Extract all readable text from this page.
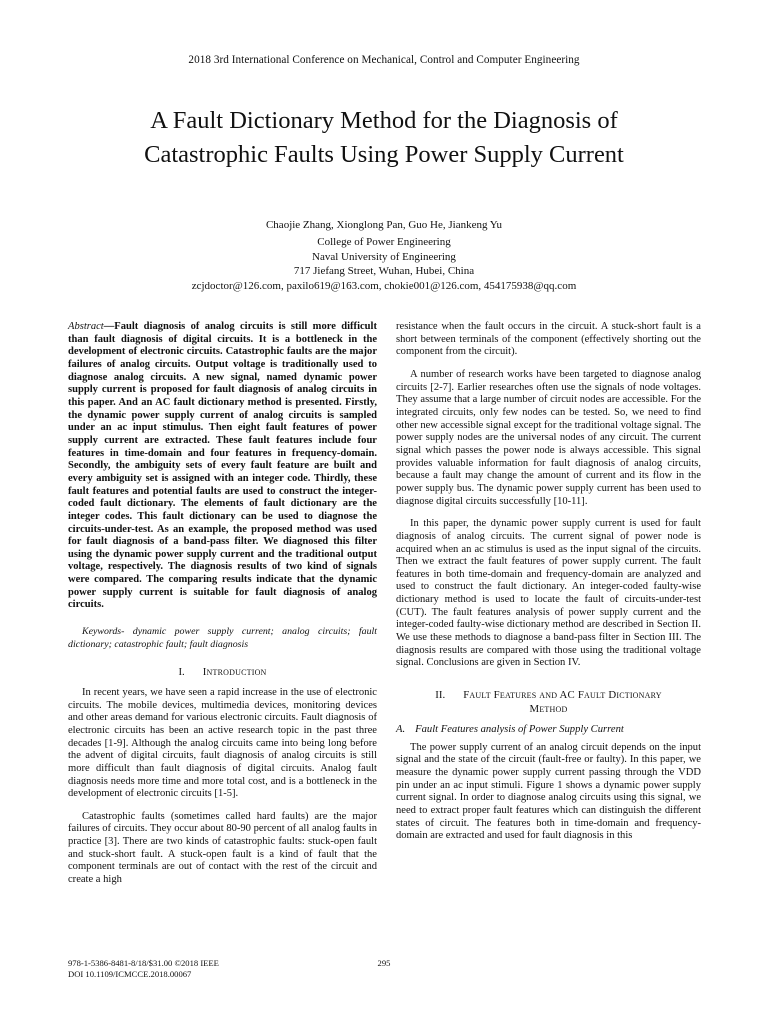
2018 3rd International Conference on Mechanical, Control and Computer Engineering
A Fault Dictionary Method for the Diagnosis of
Catastrophic Faults Using Power Supply Current
Chaojie Zhang, Xionglong Pan, Guo He, Jiankeng Yu
College of Power Engineering
Naval University of Engineering
717 Jiefang Street, Wuhan, Hubei, China
zcjdoctor@126.com, paxilo619@163.com, chokie001@126.com, 454175938@qq.com

Abstract—Fault diagnosis of analog circuits is still more difficult than fault diagnosis of digital circuits. It is a bottleneck in the development of electronic circuits. Catastrophic faults are the major failures of analog circuits. Output voltage is traditionally used to diagnose analog circuits. A new signal, named dynamic power supply current is proposed for fault diagnosis of analog circuits in this paper. And an AC fault dictionary method is presented. Firstly, the dynamic power supply current of analog circuits is sampled under an ac input stimulus. Then eight fault features of power supply current are extracted. These fault features include four features in time-domain and four features in frequency-domain. Secondly, the ambiguity sets of every fault feature are built and every ambiguity set is assigned with an integer code. Thirdly, these fault features and potential faults are used to construct the integer-coded fault dictionary. The elements of fault dictionary are the integer codes. This fault dictionary can be used to diagnose the circuits-under-test. As an example, the proposed method was used for fault diagnosis of a band-pass filter. We diagnosed this filter using the dynamic power supply current and the traditional output voltage, respectively. The diagnosis results of two kind of signals were compared. The comparing results indicate that the dynamic power supply current is suitable for fault diagnosis of analog circuits.

Keywords- dynamic power supply current; analog circuits; fault dictionary; catastrophic fault; fault diagnosis

I. Introduction

In recent years, we have seen a rapid increase in the use of electronic circuits. The mobile devices, multimedia devices, monitoring devices and other areas demand for various electronic circuits. Fault diagnosis of electronic circuits has been an active research topic in the past three decades [1-9]. Although the analog circuits came into being long before the advent of digital circuits, fault diagnosis of analog circuits is still more difficult than fault diagnosis of digital circuits. Analog fault diagnosis needs more time and more total cost, and is a bottleneck in the development of electronic circuits [1-5].

Catastrophic faults (sometimes called hard faults) are the major failures of circuits. They occur about 80-90 percent of all analog faults in practice [3]. There are two kinds of catastrophic faults: stuck-open fault and stuck-short fault. A stuck-open fault is a kind of fault that the component terminals are out of contact with the rest of the circuit and create a high

resistance when the fault occurs in the circuit. A stuck-short fault is a short between terminals of the component (effectively shorting out the component from the circuit).

A number of research works have been targeted to diagnose analog circuits [2-7]. Earlier researches often use the signals of node voltages. They assume that a large number of circuit nodes are accessible. For the integrated circuits, only few nodes can be tested. So, we need to find other new accessible signal except for the traditional voltage signal. The power supply nodes are the universal nodes of any circuit. The current signal which passes the power node is always accessible. This signal provides valuable information for fault diagnosis of analog circuits, because a fault may change the amount of current and its flow in the power supply bus. The dynamic power supply current has been used to diagnose digital circuits successfully [10-11].

In this paper, the dynamic power supply current is used for fault diagnosis of analog circuits. The current signal of power node is acquired when an ac stimulus is used as the input signal of the circuits. Then we extract the fault features of power supply current. The fault features in both time-domain and frequency-domain are analyzed and used to construct the fault dictionary. An integer-coded faulty-wise dictionary method is used to locate the fault of circuits-under-test (CUT). The fault features analysis of power supply current and the integer-coded faulty-wise dictionary method are described in Section II. We use these methods to diagnose a band-pass filter in Section III. The diagnosis results are compared with those using the traditional voltage signal. Conclusions are given in Section IV.

II. Fault Features and AC Fault Dictionary
Method
A. Fault Features analysis of Power Supply Current

The power supply current of an analog circuit depends on the input signal and the state of the circuit (fault-free or faulty). In this paper, we measure the dynamic power supply current passing through the VDD pin under an ac input stimuli. Figure 1 shows a dynamic power supply current signal. In order to diagnose analog circuits using this signal, we need to extract proper fault features which can distinguish the different states of circuit. The features both in time-domain and frequency-domain are extracted and used for fault diagnosis in this

978-1-5386-8481-8/18/$31.00 ©2018 IEEE
DOI 10.1109/ICMCCE.2018.00067
295
